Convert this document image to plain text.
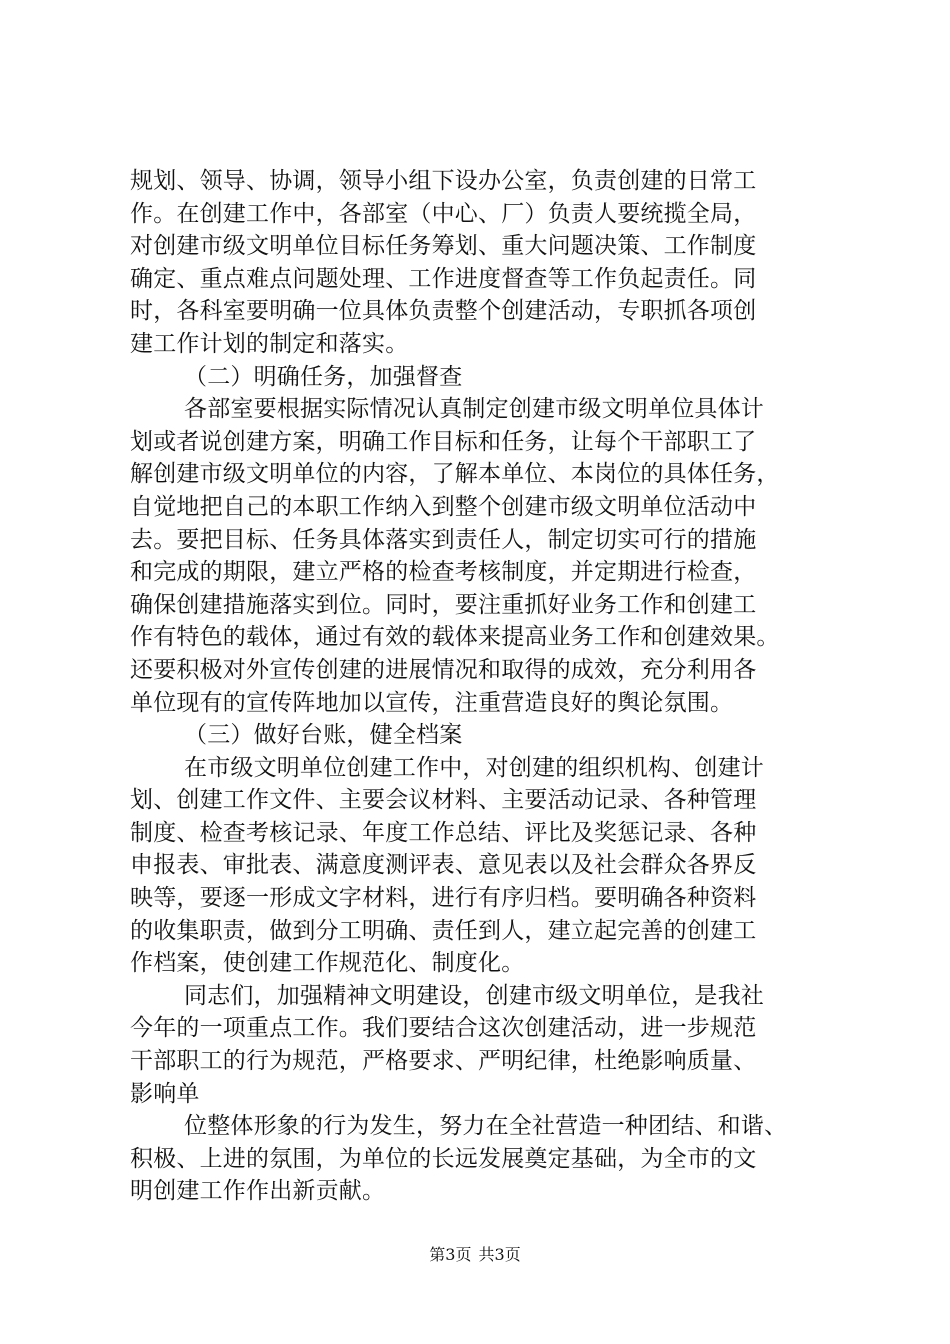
规划、领导、协调，领导小组下设办公室，负责创建的日常工
作。在创建工作中，各部室（中心、厂）负责人要统揽全局，
对创建市级文明单位目标任务筹划、重大问题决策、工作制度
确定、重点难点问题处理、工作进度督查等工作负起责任。同
时，各科室要明确一位具体负责整个创建活动，专职抓各项创
建工作计划的制定和落实。
（二）明确任务，加强督查
各部室要根据实际情况认真制定创建市级文明单位具体计
划或者说创建方案，明确工作目标和任务，让每个干部职工了
解创建市级文明单位的内容，了解本单位、本岗位的具体任务，
自觉地把自己的本职工作纳入到整个创建市级文明单位活动中
去。要把目标、任务具体落实到责任人，制定切实可行的措施
和完成的期限，建立严格的检查考核制度，并定期进行检查，
确保创建措施落实到位。同时，要注重抓好业务工作和创建工
作有特色的载体，通过有效的载体来提高业务工作和创建效果。
还要积极对外宣传创建的进展情况和取得的成效，充分利用各
单位现有的宣传阵地加以宣传，注重营造良好的舆论氛围。
（三）做好台账，健全档案
在市级文明单位创建工作中，对创建的组织机构、创建计
划、创建工作文件、主要会议材料、主要活动记录、各种管理
制度、检查考核记录、年度工作总结、评比及奖惩记录、各种
申报表、审批表、满意度测评表、意见表以及社会群众各界反
映等，要逐一形成文字材料，进行有序归档。要明确各种资料
的收集职责，做到分工明确、责任到人，建立起完善的创建工
作档案，使创建工作规范化、制度化。
同志们，加强精神文明建设，创建市级文明单位，是我社
今年的一项重点工作。我们要结合这次创建活动，进一步规范
干部职工的行为规范，严格要求、严明纪律，杜绝影响质量、
影响单
位整体形象的行为发生，努力在全社营造一种团结、和谐、
积极、上进的氛围，为单位的长远发展奠定基础，为全市的文
明创建工作作出新贡献。
第3页 共3页
